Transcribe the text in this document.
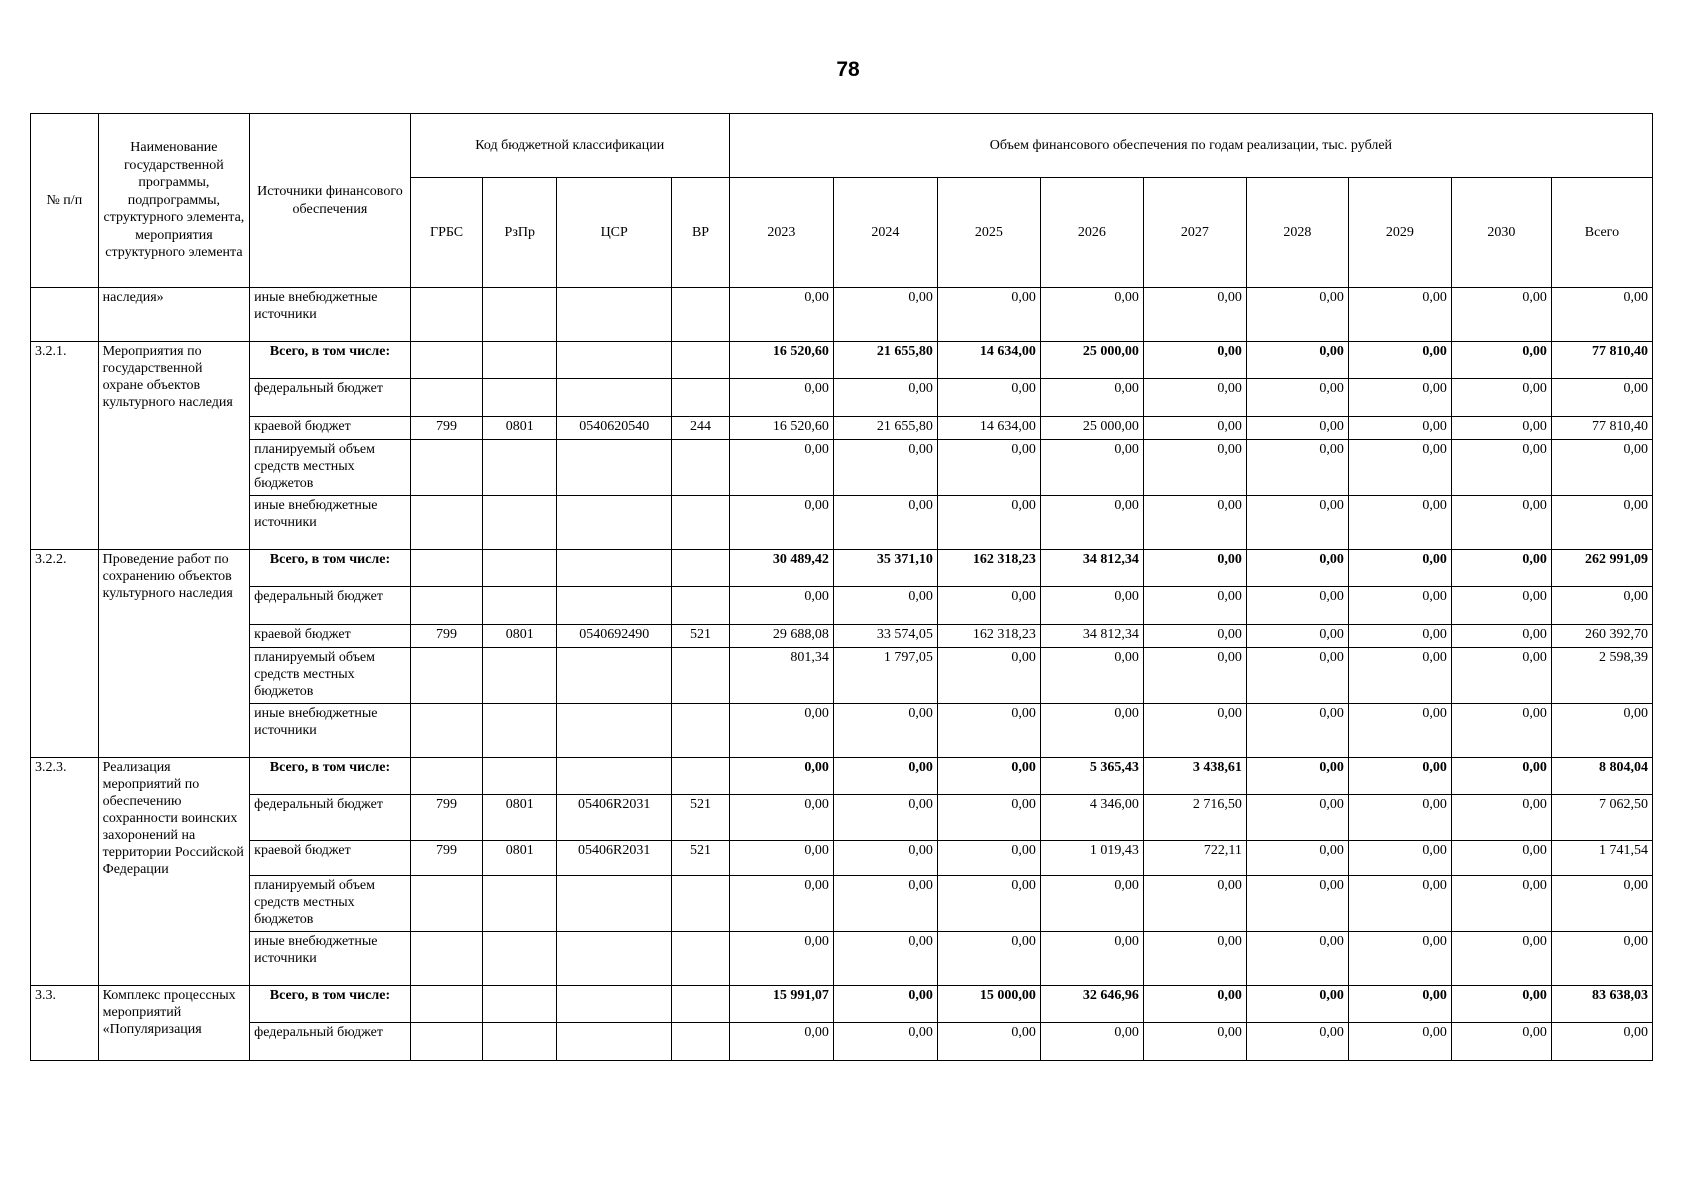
78
№ п/п	Наименование государственной программы, подпрограммы, структурного элемента, мероприятия структурного элемента	Источники финансового обеспечения	Код бюджетной классификации				Объем финансового обеспечения по годам реализации, тыс. рублей								
			ГРБС	РзПр	ЦСР	ВР	2023	2024	2025	2026	2027	2028	2029	2030	Всего
	наследия»	иные внебюджетные источники					0,00	0,00	0,00	0,00	0,00	0,00	0,00	0,00	0,00
3.2.1.	Мероприятия по государственной охране объектов культурного наследия	Всего, в том числе:					16 520,60	21 655,80	14 634,00	25 000,00	0,00	0,00	0,00	0,00	77 810,40
		федеральный бюджет					0,00	0,00	0,00	0,00	0,00	0,00	0,00	0,00	0,00
		краевой бюджет	799	0801	0540620540	244	16 520,60	21 655,80	14 634,00	25 000,00	0,00	0,00	0,00	0,00	77 810,40
		планируемый объем средств местных бюджетов					0,00	0,00	0,00	0,00	0,00	0,00	0,00	0,00	0,00
		иные внебюджетные источники					0,00	0,00	0,00	0,00	0,00	0,00	0,00	0,00	0,00
3.2.2.	Проведение работ по сохранению объектов культурного наследия	Всего, в том числе:					30 489,42	35 371,10	162 318,23	34 812,34	0,00	0,00	0,00	0,00	262 991,09
		федеральный бюджет					0,00	0,00	0,00	0,00	0,00	0,00	0,00	0,00	0,00
		краевой бюджет	799	0801	0540692490	521	29 688,08	33 574,05	162 318,23	34 812,34	0,00	0,00	0,00	0,00	260 392,70
		планируемый объем средств местных бюджетов					801,34	1 797,05	0,00	0,00	0,00	0,00	0,00	0,00	2 598,39
		иные внебюджетные источники					0,00	0,00	0,00	0,00	0,00	0,00	0,00	0,00	0,00
3.2.3.	Реализация мероприятий по обеспечению сохранности воинских захоронений на территории Российской Федерации	Всего, в том числе:					0,00	0,00	0,00	5 365,43	3 438,61	0,00	0,00	0,00	8 804,04
		федеральный бюджет	799	0801	05406R2031	521	0,00	0,00	0,00	4 346,00	2 716,50	0,00	0,00	0,00	7 062,50
		краевой бюджет	799	0801	05406R2031	521	0,00	0,00	0,00	1 019,43	722,11	0,00	0,00	0,00	1 741,54
		планируемый объем средств местных бюджетов					0,00	0,00	0,00	0,00	0,00	0,00	0,00	0,00	0,00
		иные внебюджетные источники					0,00	0,00	0,00	0,00	0,00	0,00	0,00	0,00	0,00
3.3.	Комплекс процессных мероприятий «Популяризация	Всего, в том числе:					15 991,07	0,00	15 000,00	32 646,96	0,00	0,00	0,00	0,00	83 638,03
		федеральный бюджет					0,00	0,00	0,00	0,00	0,00	0,00	0,00	0,00	0,00
